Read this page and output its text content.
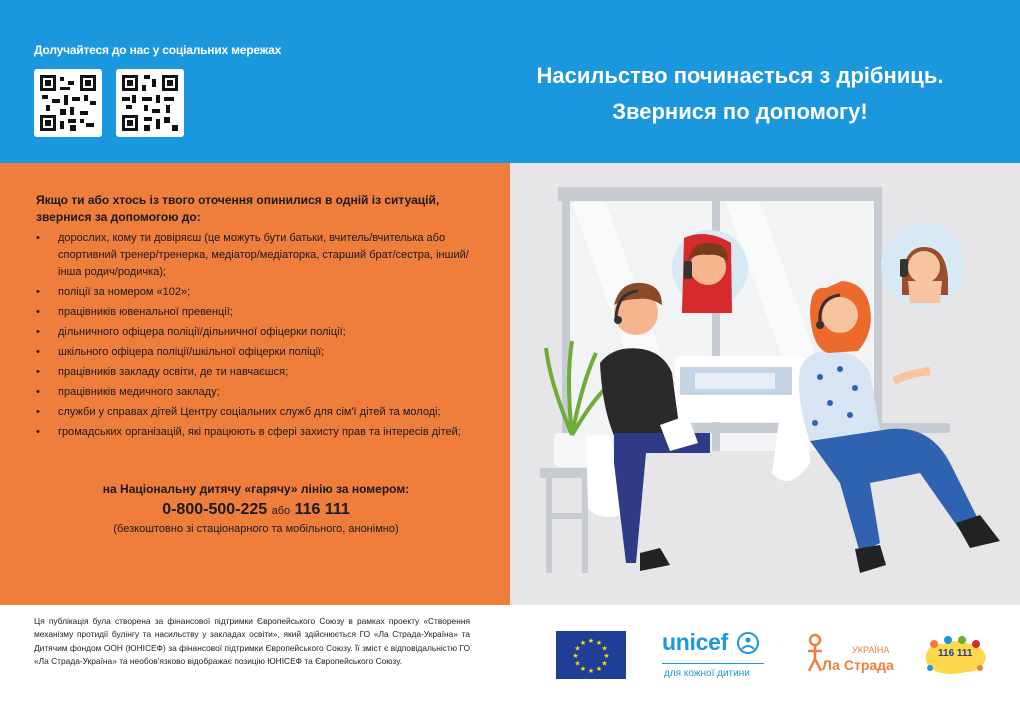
Долучайтеся до нас у соціальних мережах
Насильство починається з дрібниць.
Звернися по допомогу!
Якщо ти або хтось із твого оточення опинилися в одній із ситуацій,
звернися за допомогою до:
• дорослих, кому ти довіряєш (це можуть бути батьки, вчитель/вчителька або спортивний тренер/тренерка, медіатор/медіаторка, старший брат/сестра, інший/інша родич/родичка);
• поліції за номером «102»;
• працівників ювенальної превенції;
• дільничного офіцера поліції/дільничної офіцерки поліції;
• шкільного офіцера поліції/шкільної офіцерки поліції;
• працівників закладу освіти, де ти навчаєшся;
• працівників медичного закладу;
• служби у справах дітей Центру соціальних служб для сім'ї дітей та молоді;
• громадських організацій, які працюють в сфері захисту прав та інтересів дітей;
на Національну дитячу «гарячу» лінію за номером:
0-800-500-225 або 116 111
(безкоштовно зі стаціонарного та мобільного, анонімно)
Ця публікація була створена за фінансової підтримки Європейського Союзу в рамках проекту «Створення механізму протидії булінгу та насильству у закладах освіти», який здійснюється ГО «Ла Страда-Україна» та Дитячим фондом ООН (ЮНІСЕФ) за фінансової підтримки Європейського Союзу. Її зміст є відповідальністю ГО «Ла Страда-Україна» та необов'язково відображає позицію ЮНІСЕФ та Європейського Союзу.
★ ★
★
★
★
★
★
★
★
★
★
★	unicef
для кожної дитини
УКРАЇНА
Ла Страда
116 111
